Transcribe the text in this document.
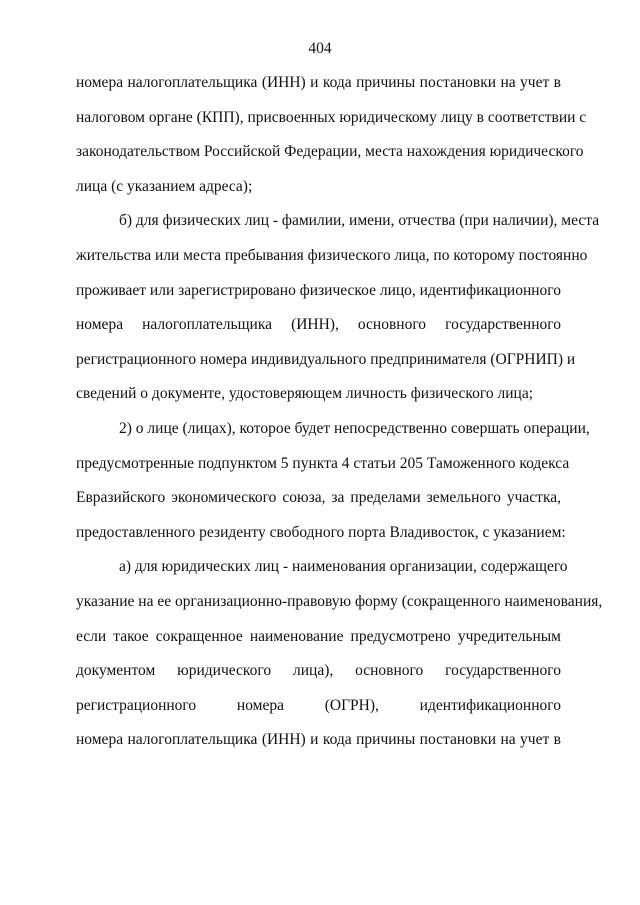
404
номера налогоплательщика (ИНН) и кода причины постановки на учет в
налоговом органе (КПП), присвоенных юридическому лицу в соответствии с
законодательством Российской Федерации, места нахождения юридического
лица (с указанием адреса);
б) для физических лиц - фамилии, имени, отчества (при наличии), места
жительства или места пребывания физического лица, по которому постоянно
проживает или зарегистрировано физическое лицо, идентификационного
номера налогоплательщика (ИНН), основного государственного
регистрационного номера индивидуального предпринимателя (ОГРНИП) и
сведений о документе, удостоверяющем личность физического лица;
2) о лице (лицах), которое будет непосредственно совершать операции,
предусмотренные подпунктом 5 пункта 4 статьи 205 Таможенного кодекса
Евразийского экономического союза, за пределами земельного участка,
предоставленного резиденту свободного порта Владивосток, с указанием:
а) для юридических лиц - наименования организации, содержащего
указание на ее организационно-правовую форму (сокращенного наименования,
если такое сокращенное наименование предусмотрено учредительным
документом юридического лица), основного государственного
регистрационного номера (ОГРН), идентификационного
номера налогоплательщика (ИНН) и кода причины постановки на учет в
